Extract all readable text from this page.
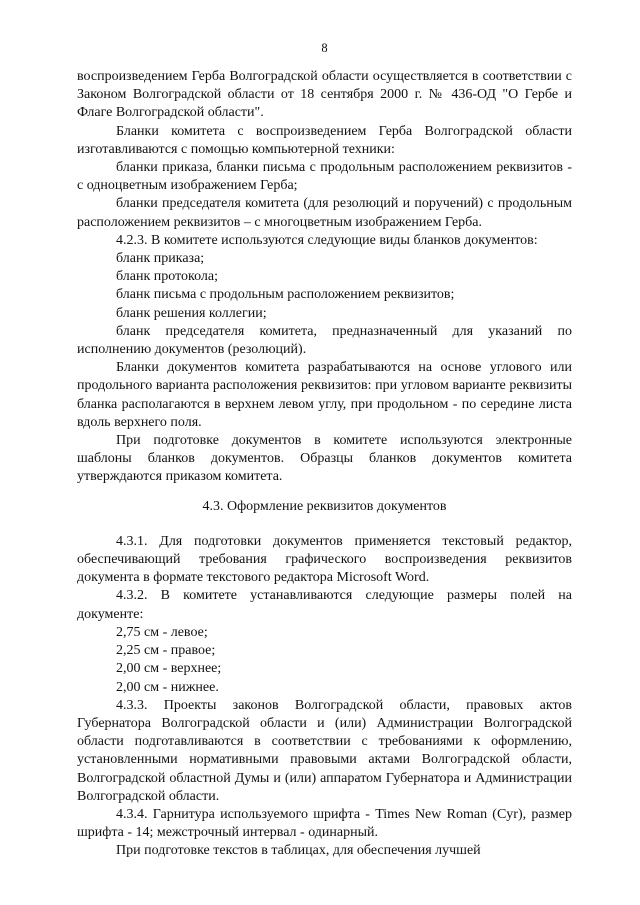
8

воспроизведением Герба Волгоградской области осуществляется в соответствии с Законом Волгоградской области от 18 сентября 2000 г. № 436-ОД "О Гербе и Флаге Волгоградской области".

Бланки комитета с воспроизведением Герба Волгоградской области изготавливаются с помощью компьютерной техники:

бланки приказа, бланки письма с продольным расположением реквизитов - с одноцветным изображением Герба;

бланки председателя комитета (для резолюций и поручений) с продольным расположением реквизитов – с многоцветным изображением Герба.

4.2.3. В комитете используются следующие виды бланков документов:

бланк приказа;

бланк протокола;

бланк письма с продольным расположением реквизитов;

бланк решения коллегии;

бланк председателя комитета, предназначенный для указаний по исполнению документов (резолюций).

Бланки документов комитета разрабатываются на основе углового или продольного варианта расположения реквизитов: при угловом варианте реквизиты бланка располагаются в верхнем левом углу, при продольном - по середине листа вдоль верхнего поля.

При подготовке документов в комитете используются электронные шаблоны бланков документов. Образцы бланков документов комитета утверждаются приказом комитета.

4.3. Оформление реквизитов документов

4.3.1. Для подготовки документов применяется текстовый редактор, обеспечивающий требования графического воспроизведения реквизитов документа в формате текстового редактора Microsoft Word.

4.3.2. В комитете устанавливаются следующие размеры полей на документе:

2,75 см - левое;

2,25 см - правое;

2,00 см - верхнее;

2,00 см - нижнее.

4.3.3. Проекты законов Волгоградской области, правовых актов Губернатора Волгоградской области и (или) Администрации Волгоградской области подготавливаются в соответствии с требованиями к оформлению, установленными нормативными правовыми актами Волгоградской области, Волгоградской областной Думы и (или) аппаратом Губернатора и Администрации Волгоградской области.

4.3.4. Гарнитура используемого шрифта - Times New Roman (Cyr), размер шрифта - 14; межстрочный интервал - одинарный.

При подготовке текстов в таблицах, для обеспечения лучшей
